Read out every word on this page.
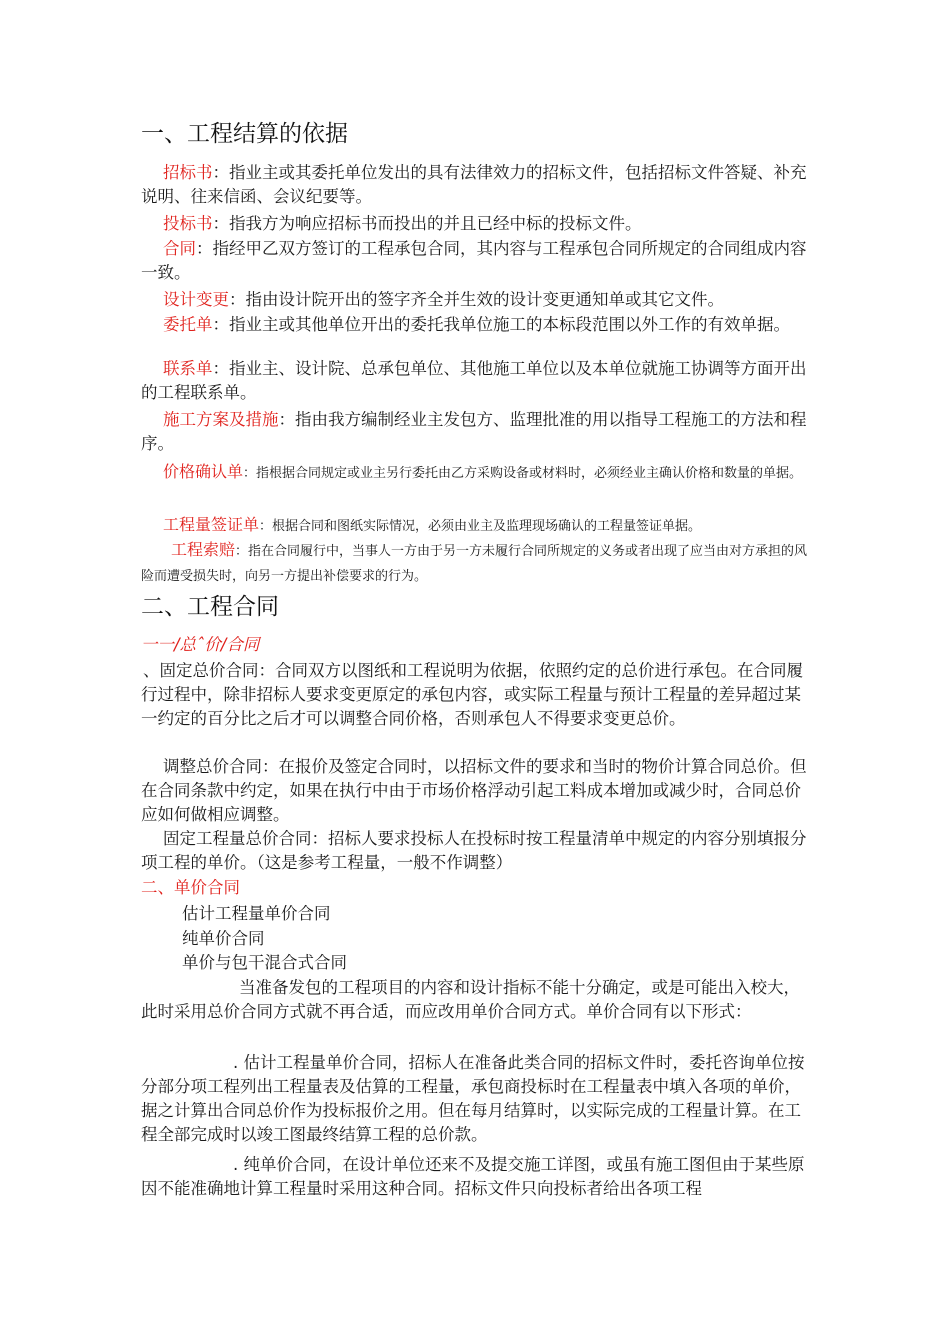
一、工程结算的依据
招标书：指业主或其委托单位发出的具有法律效力的招标文件，包括招标文件答疑、补充说明、往来信函、会议纪要等。
投标书：指我方为响应招标书而投出的并且已经中标的投标文件。
合同：指经甲乙双方签订的工程承包合同，其内容与工程承包合同所规定的合同组成内容一致。
设计变更：指由设计院开出的签字齐全并生效的设计变更通知单或其它文件。
委托单：指业主或其他单位开出的委托我单位施工的本标段范围以外工作的有效单据。
联系单：指业主、设计院、总承包单位、其他施工单位以及本单位就施工协调等方面开出的工程联系单。
施工方案及措施：指由我方编制经业主发包方、监理批准的用以指导工程施工的方法和程序。
价格确认单：指根据合同规定或业主另行委托由乙方采购设备或材料时，必须经业主确认价格和数量的单据。
工程量签证单：根据合同和图纸实际情况，必须由业主及监理现场确认的工程量签证单据。
工程索赔：指在合同履行中，当事人一方由于另一方未履行合同所规定的义务或者出现了应当由对方承担的风险而遭受损失时，向另一方提出补偿要求的行为。
二、工程合同
一一/总ˆ价/合同
、固定总价合同：合同双方以图纸和工程说明为依据，依照约定的总价进行承包。在合同履行过程中，除非招标人要求变更原定的承包内容，或实际工程量与预计工程量的差异超过某一约定的百分比之后才可以调整合同价格，否则承包人不得要求变更总价。
调整总价合同：在报价及签定合同时，以招标文件的要求和当时的物价计算合同总价。但在合同条款中约定，如果在执行中由于市场价格浮动引起工料成本增加或减少时，合同总价应如何做相应调整。
固定工程量总价合同：招标人要求投标人在投标时按工程量清单中规定的内容分别填报分项工程的单价。（这是参考工程量，一般不作调整）
二、单价合同
估计工程量单价合同
纯单价合同
单价与包干混合式合同
当准备发包的工程项目的内容和设计指标不能十分确定，或是可能出入校大，此时采用总价合同方式就不再合适，而应改用单价合同方式。单价合同有以下形式：
. 估计工程量单价合同，招标人在准备此类合同的招标文件时，委托咨询单位按分部分项工程列出工程量表及估算的工程量，承包商投标时在工程量表中填入各项的单价，据之计算出合同总价作为投标报价之用。但在每月结算时，以实际完成的工程量计算。在工程全部完成时以竣工图最终结算工程的总价款。
. 纯单价合同，在设计单位还来不及提交施工详图，或虽有施工图但由于某些原因不能准确地计算工程量时采用这种合同。招标文件只向投标者给出各项工程
